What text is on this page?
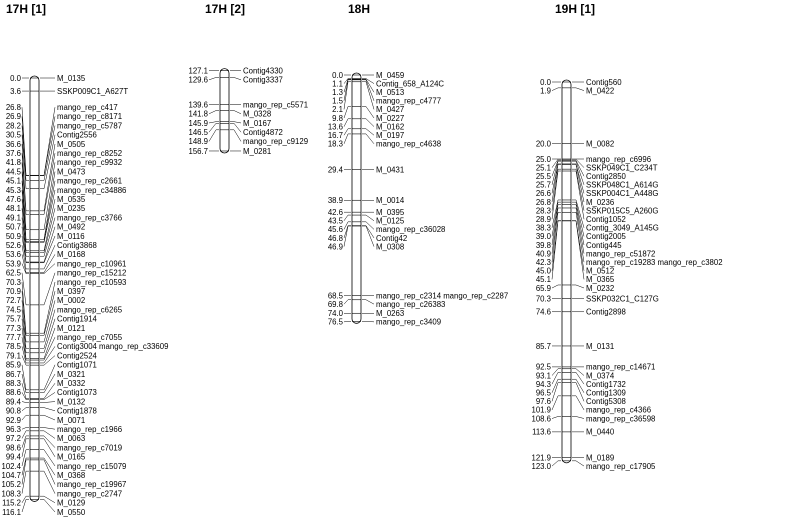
17H [1]
0.0	M_0135
3.6	SSKP009C1_A627T
26.8	mango_rep_c417
26.9	mango_rep_c8171
28.2	mango_rep_c5787
30.5	Contig2556
36.6	M_0505
37.6	mango_rep_c8252
41.8	mango_rep_c9932
44.5	M_0473
45.1	mango_rep_c2661
45.3	mango_rep_c34886
47.6	M_0535
48.1	M_0235
49.1	mango_rep_c3766
50.7	M_0492
50.9	M_0116
52.6	Contig3868
53.6	M_0168
53.9	mango_rep_c10961
62.5	mango_rep_c15212
70.3	mango_rep_c10593
70.9	M_0397
72.7	M_0002
74.5	mango_rep_c6265
75.7	Contig1914
77.3	M_0121
77.7	mango_rep_c7055
78.5	Contig3004 mango_rep_c33609
79.1	Contig2524
85.9	Contig1071
86.7	M_0321
88.3	M_0332
88.6	Contig1073
89.4	M_0132
90.8	Contig1878
92.9	M_0071
96.3	mango_rep_c1966
97.2	M_0063
98.6	mango_rep_c7019
99.4	M_0165
102.4	mango_rep_c15079
104.7	M_0368
105.2	mango_rep_c19967
108.3	mango_rep_c2747
115.2	M_0129
116.1	M_0550
17H [2]
127.1	Contig4330
129.6	Contig3337
139.6	mango_rep_c5571
141.8	M_0328
145.9	M_0167
146.5	Contig4872
148.9	mango_rep_c9129
156.7	M_0281
18H
0.0	M_0459
1.1	Contig_658_A124C
1.3	M_0513
1.5	mango_rep_c4777
2.1	M_0427
9.8	M_0227
13.6	M_0162
16.7	M_0197
18.3	mango_rep_c4638
29.4	M_0431
38.9	M_0014
42.6	M_0395
43.5	M_0125
45.6	mango_rep_c36028
46.8	Contig42
46.9	M_0308
68.5	mango_rep_c2314 mango_rep_c2287
69.8	mango_rep_c26383
74.0	M_0263
76.5	mango_rep_c3409
19H [1]
0.0	Contig560
1.9	M_0422
20.0	M_0082
25.0	mango_rep_c6996
25.1	SSKP049C1_C234T
25.5	Contig2850
25.7	SSKP048C1_A614G
26.6	SSKP004C1_A448G
26.8	M_0236
28.3	SSKP015C5_A260G
28.9	Contig1052
38.3	Contig_3049_A145G
39.0	Contig2005
39.8	Contig445
40.9	mango_rep_c51872
42.3	mango_rep_c19283 mango_rep_c3802
45.0	M_0512
45.1	M_0365
65.9	M_0232
70.3	SSKP032C1_C127G
74.6	Contig2898
85.7	M_0131
92.5	mango_rep_c14671
93.1	M_0374
94.3	Contig1732
96.5	Contig1309
97.6	Contig5308
101.9	mango_rep_c4366
108.6	mango_rep_c36598
113.6	M_0440
121.9	M_0189
123.0	mango_rep_c17905
